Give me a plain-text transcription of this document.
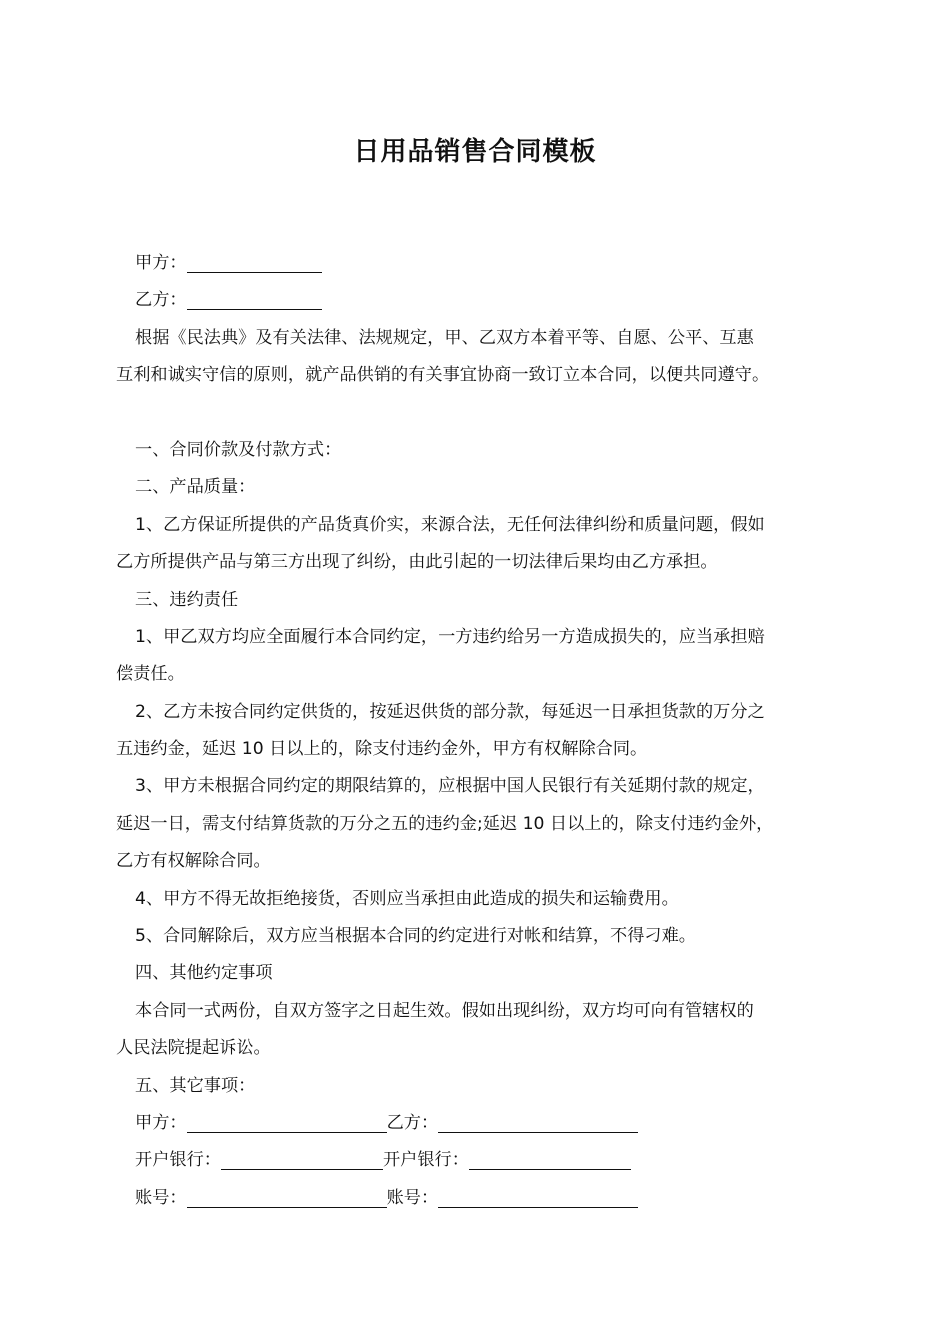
日用品销售合同模板
甲方：
乙方：
根据《民法典》及有关法律、法规规定，甲、乙双方本着平等、自愿、公平、互惠
互利和诚实守信的原则，就产品供销的有关事宜协商一致订立本合同，以便共同遵守。
一、合同价款及付款方式：
二、产品质量：
1、乙方保证所提供的产品货真价实，来源合法，无任何法律纠纷和质量问题，假如
乙方所提供产品与第三方出现了纠纷，由此引起的一切法律后果均由乙方承担。
三、违约责任
1、甲乙双方均应全面履行本合同约定，一方违约给另一方造成损失的，应当承担赔
偿责任。
2、乙方未按合同约定供货的，按延迟供货的部分款，每延迟一日承担货款的万分之
五违约金，延迟 10 日以上的，除支付违约金外，甲方有权解除合同。
3、甲方未根据合同约定的期限结算的，应根据中国人民银行有关延期付款的规定，
延迟一日，需支付结算货款的万分之五的违约金;延迟 10 日以上的，除支付违约金外，
乙方有权解除合同。
4、甲方不得无故拒绝接货，否则应当承担由此造成的损失和运输费用。
5、合同解除后，双方应当根据本合同的约定进行对帐和结算，不得刁难。
四、其他约定事项
本合同一式两份，自双方签字之日起生效。假如出现纠纷，双方均可向有管辖权的
人民法院提起诉讼。
五、其它事项：
甲方：	乙方：
开户银行：	开户银行：
账号：	账号：
